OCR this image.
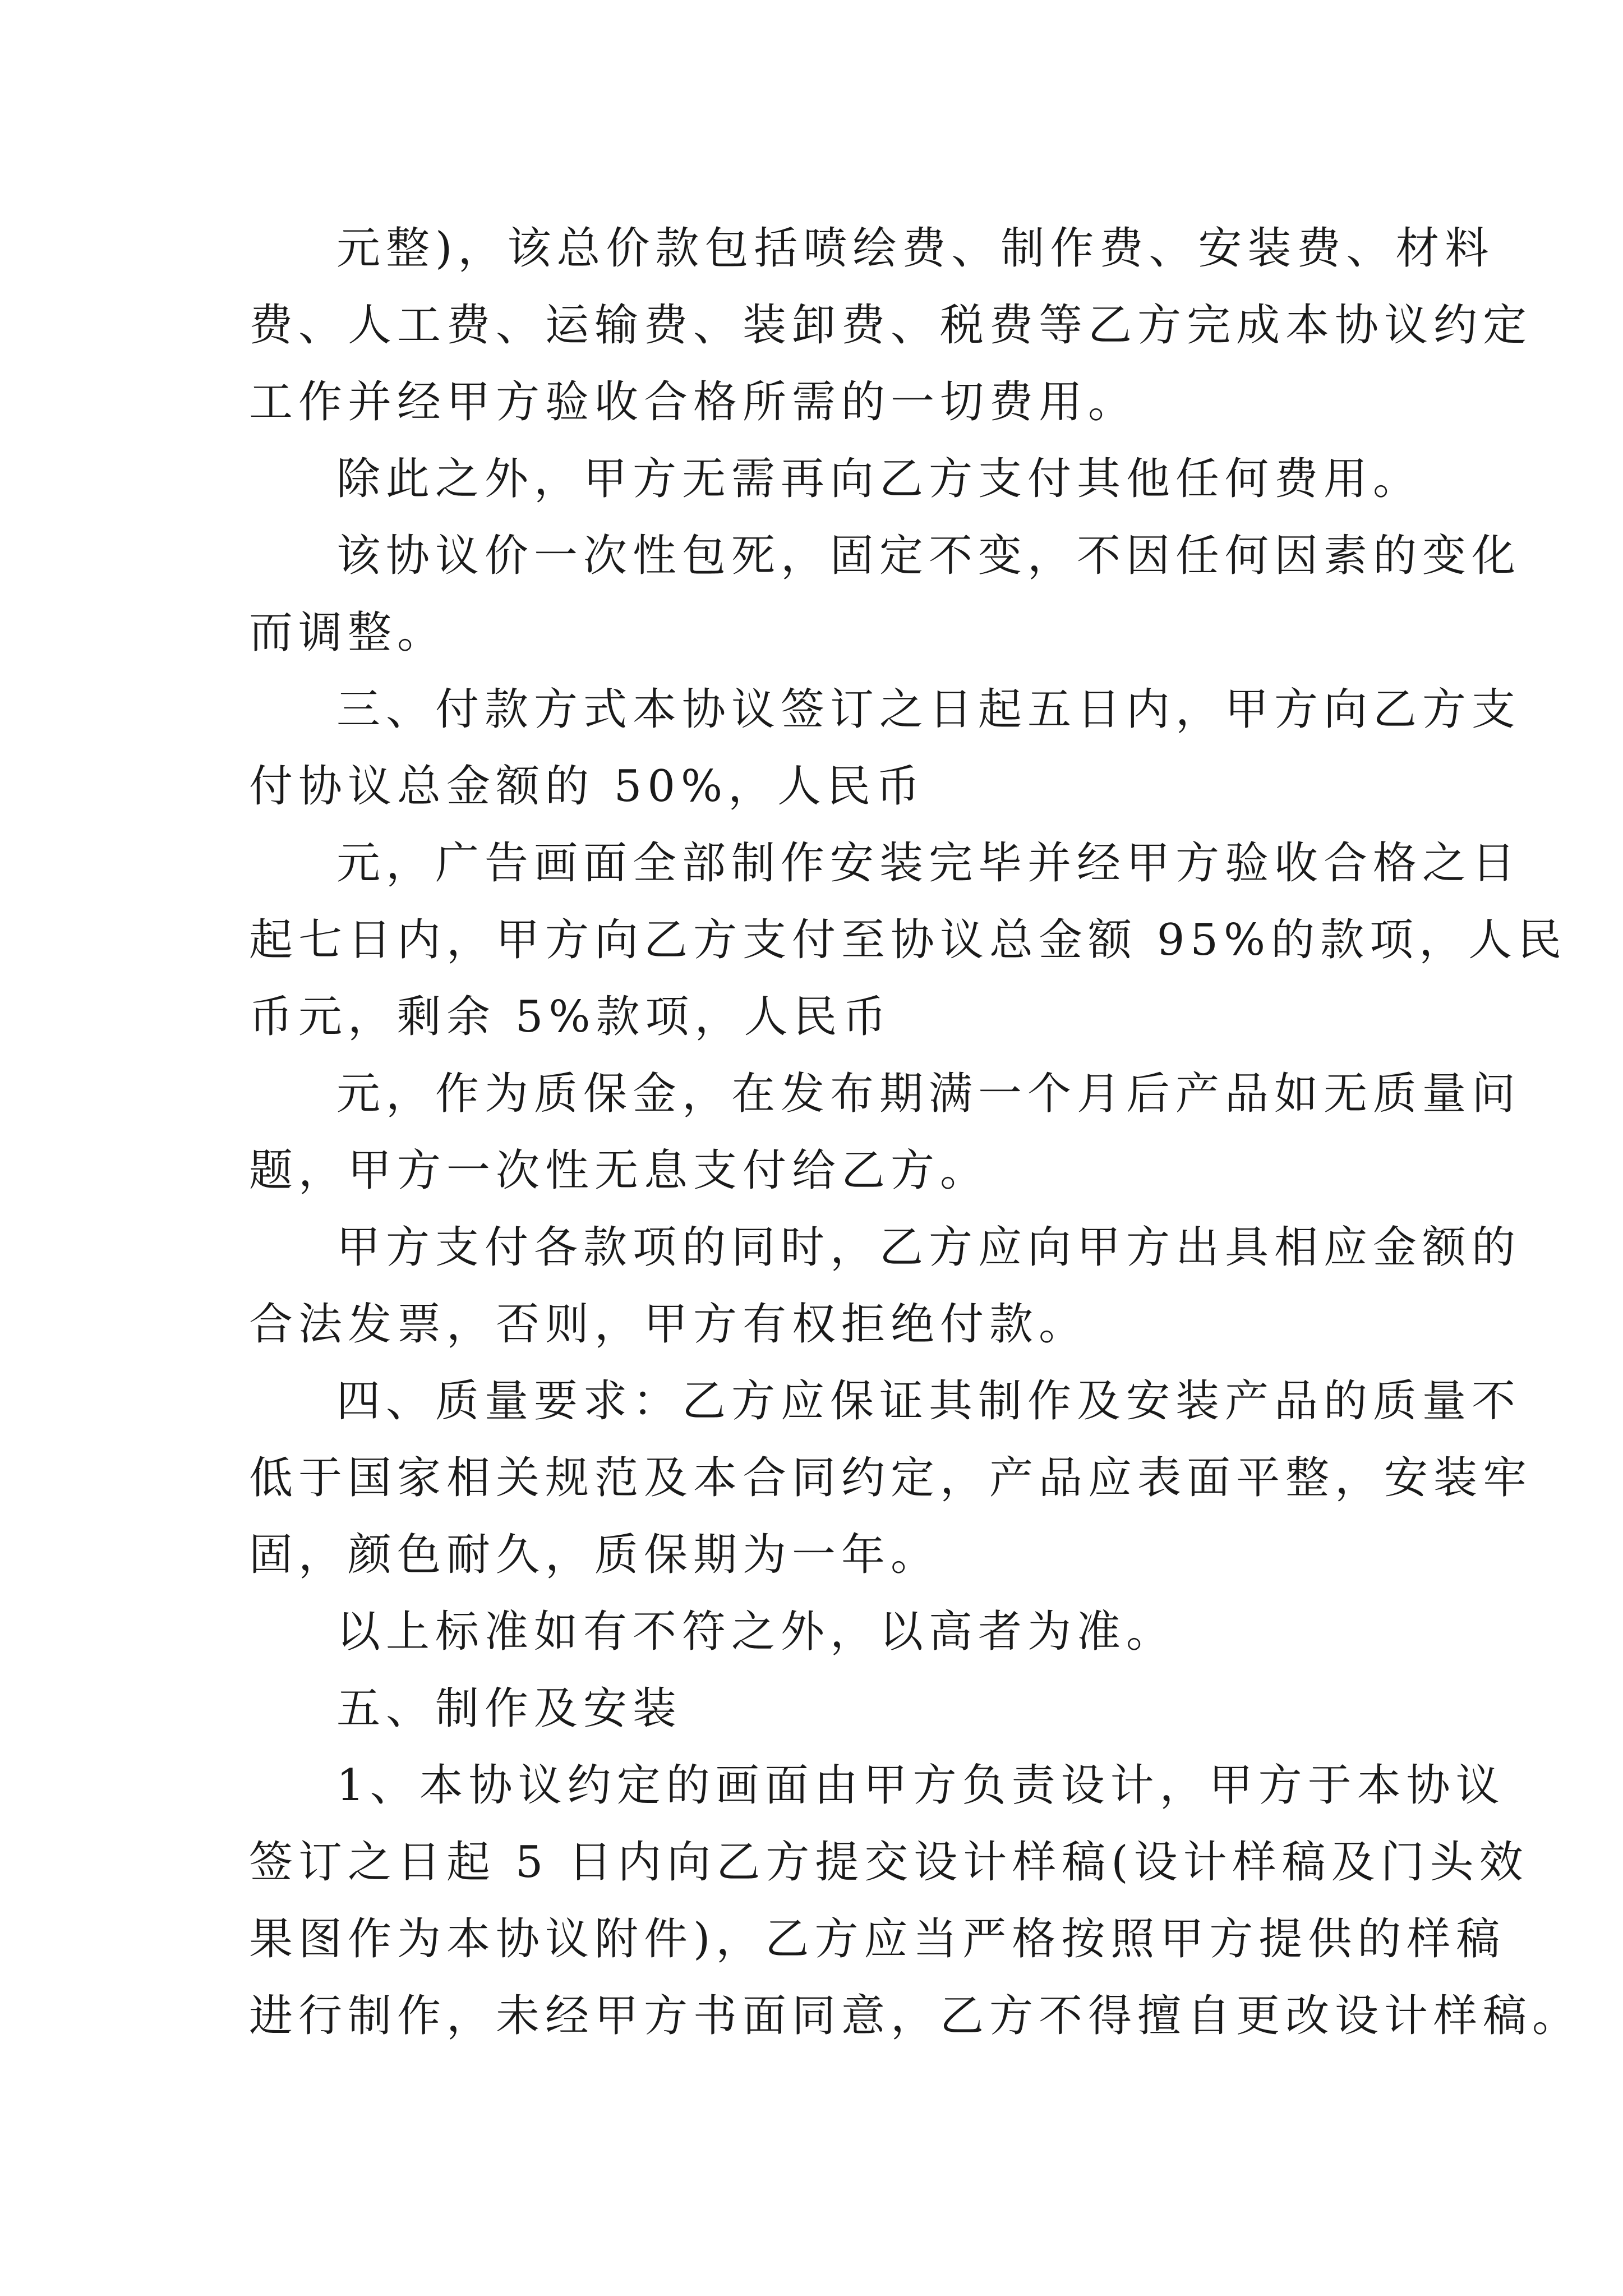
元整)，该总价款包括喷绘费、制作费、安装费、材料
费、人工费、运输费、装卸费、税费等乙方完成本协议约定
工作并经甲方验收合格所需的一切费用。
除此之外，甲方无需再向乙方支付其他任何费用。
该协议价一次性包死，固定不变，不因任何因素的变化
而调整。
三、付款方式本协议签订之日起五日内，甲方向乙方支
付协议总金额的 50%，人民币
元，广告画面全部制作安装完毕并经甲方验收合格之日
起七日内，甲方向乙方支付至协议总金额 95%的款项，人民
币元，剩余 5%款项，人民币
元，作为质保金，在发布期满一个月后产品如无质量问
题，甲方一次性无息支付给乙方。
甲方支付各款项的同时，乙方应向甲方出具相应金额的
合法发票，否则，甲方有权拒绝付款。
四、质量要求：乙方应保证其制作及安装产品的质量不
低于国家相关规范及本合同约定，产品应表面平整，安装牢
固，颜色耐久，质保期为一年。
以上标准如有不符之外，以高者为准。
五、制作及安装
1、本协议约定的画面由甲方负责设计，甲方于本协议
签订之日起 5 日内向乙方提交设计样稿(设计样稿及门头效
果图作为本协议附件)，乙方应当严格按照甲方提供的样稿
进行制作，未经甲方书面同意，乙方不得擅自更改设计样稿。
